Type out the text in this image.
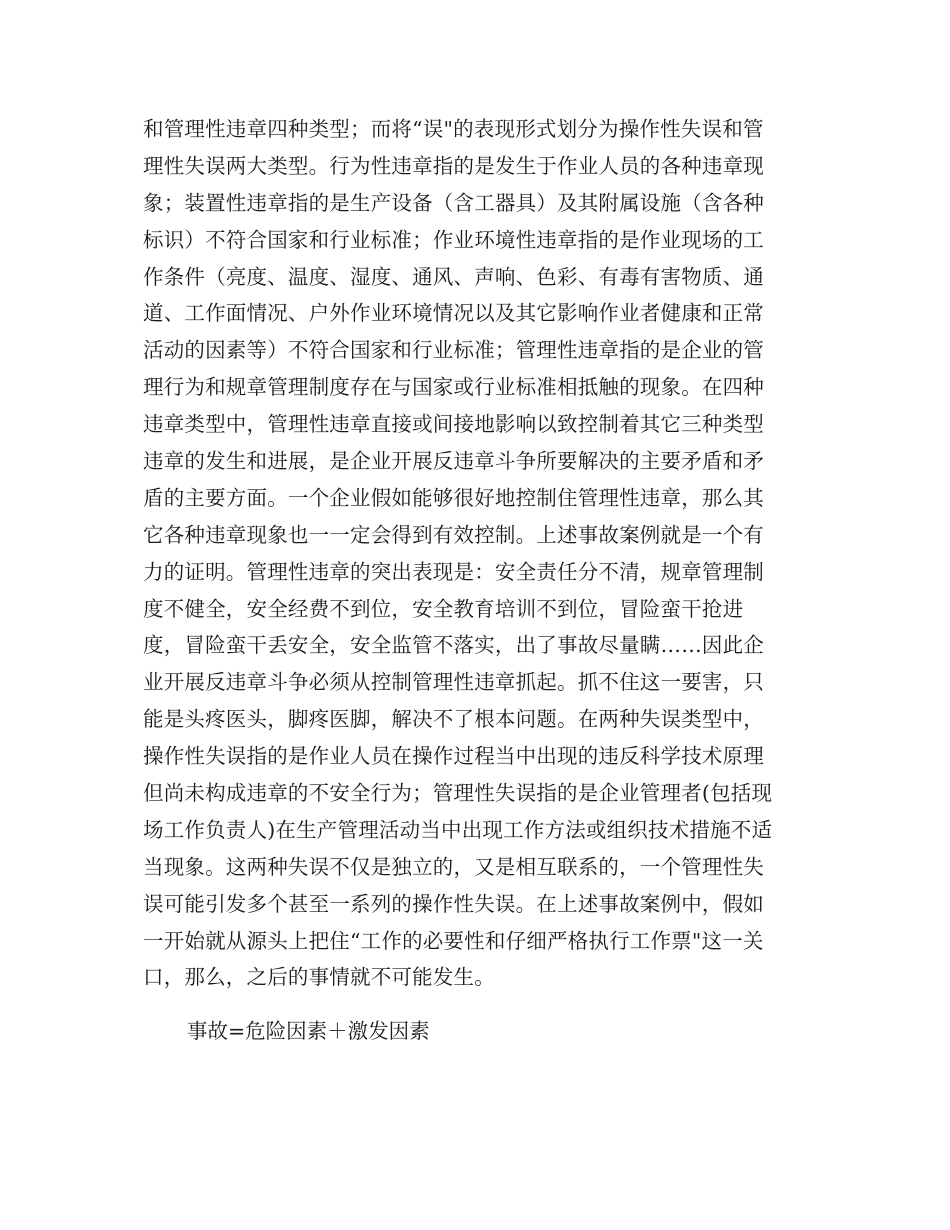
和管理性违章四种类型；而将“误"的表现形式划分为操作性失误和管
理性失误两大类型。行为性违章指的是发生于作业人员的各种违章现
象；装置性违章指的是生产设备（含工器具）及其附属设施（含各种
标识）不符合国家和行业标准；作业环境性违章指的是作业现场的工
作条件（亮度、温度、湿度、通风、声响、色彩、有毒有害物质、通
道、工作面情况、户外作业环境情况以及其它影响作业者健康和正常
活动的因素等）不符合国家和行业标准；管理性违章指的是企业的管
理行为和规章管理制度存在与国家或行业标准相抵触的现象。在四种
违章类型中，管理性违章直接或间接地影响以致控制着其它三种类型
违章的发生和进展，是企业开展反违章斗争所要解决的主要矛盾和矛
盾的主要方面。一个企业假如能够很好地控制住管理性违章，那么其
它各种违章现象也一一定会得到有效控制。上述事故案例就是一个有
力的证明。管理性违章的突出表现是：安全责任分不清，规章管理制
度不健全，安全经费不到位，安全教育培训不到位，冒险蛮干抢进
度，冒险蛮干丢安全，安全监管不落实，出了事故尽量瞒……因此企
业开展反违章斗争必须从控制管理性违章抓起。抓不住这一要害，只
能是头疼医头，脚疼医脚，解决不了根本问题。在两种失误类型中，
操作性失误指的是作业人员在操作过程当中出现的违反科学技术原理
但尚未构成违章的不安全行为；管理性失误指的是企业管理者(包括现
场工作负责人)在生产管理活动当中出现工作方法或组织技术措施不适
当现象。这两种失误不仅是独立的，又是相互联系的，一个管理性失
误可能引发多个甚至一系列的操作性失误。在上述事故案例中，假如
一开始就从源头上把住“工作的必要性和仔细严格执行工作票"这一关
口，那么，之后的事情就不可能发生。
事故=危险因素＋激发因素
